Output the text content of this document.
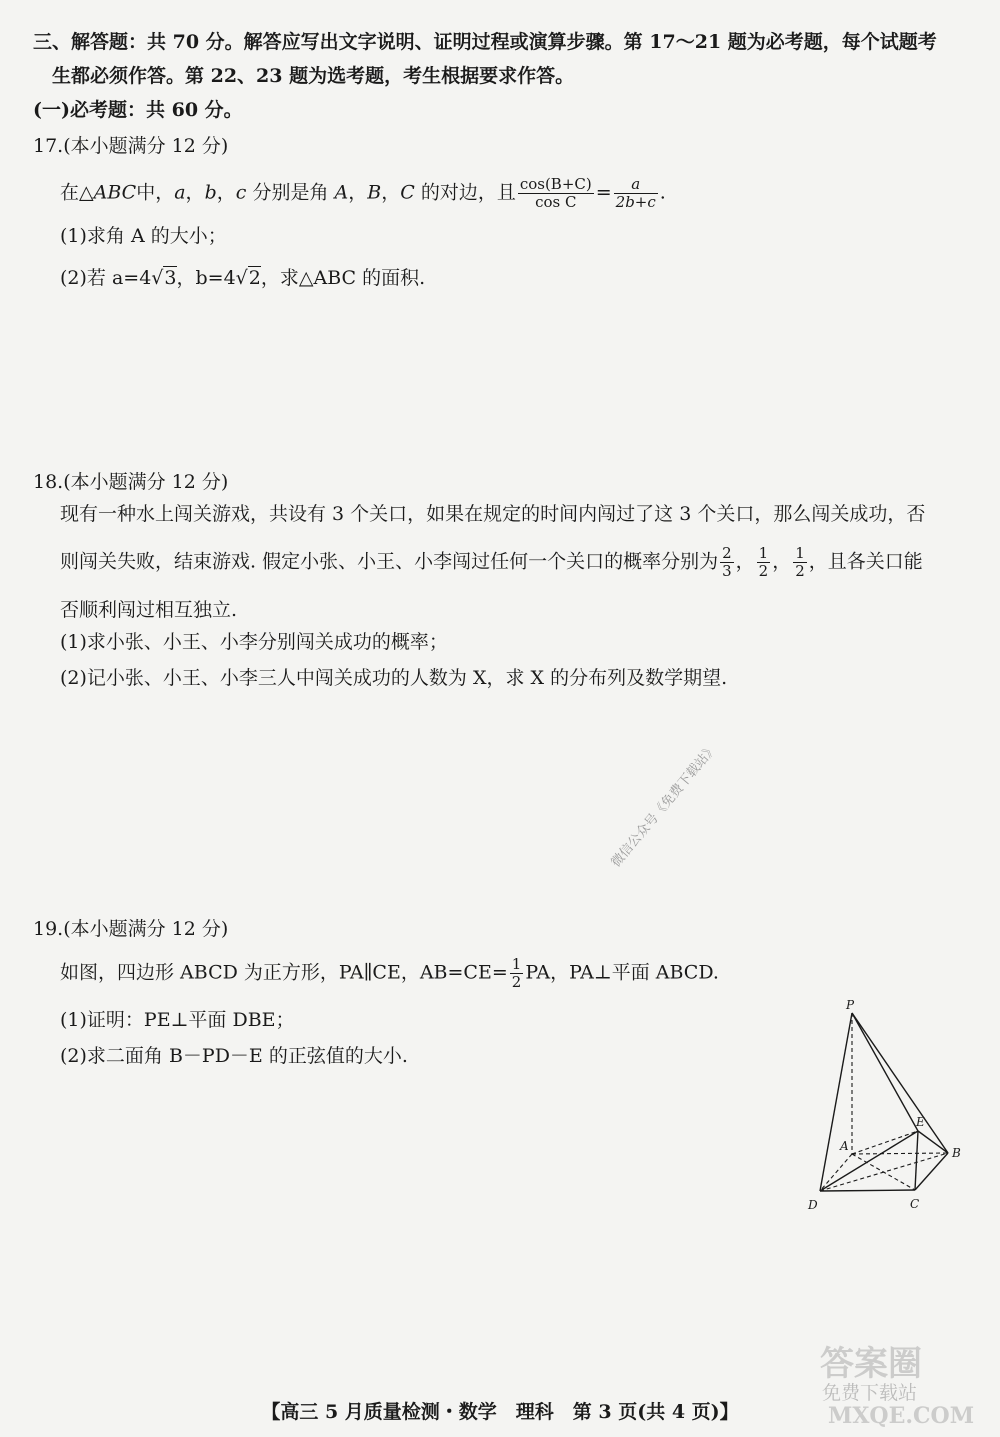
三、解答题：共 70 分。解答应写出文字说明、证明过程或演算步骤。第 17～21 题为必考题，每个试题考
生都必须作答。第 22、23 题为选考题，考生根据要求作答。
(一)必考题：共 60 分。
17.(本小题满分 12 分)
在△ABC中，a，b，c 分别是角 A，B，C 的对边，且 $\frac{\cos(B+C)}{\text{cos C}} = \frac{a}{2b+c}$ .
(1)求角 A 的大小；
(2)若 a=4√3，b=4√2，求△ABC 的面积.
18.(本小题满分 12 分)
现有一种水上闯关游戏，共设有 3 个关口，如果在规定的时间内闯过了这 3 个关口，那么闯关成功，否
则闯关失败，结束游戏. 假定小张、小王、小李闯过任何一个关口的概率分别为 $\frac{2}{3}$ ， $\frac{1}{2}$ ， $\frac{1}{2}$ ，且各关口能
否顺利闯过相互独立.
(1)求小张、小王、小李分别闯关成功的概率；
(2)记小张、小王、小李三人中闯关成功的人数为 X，求 X 的分布列及数学期望.
微信公众号《免费下载站》
19.(本小题满分 12 分)
如图，四边形 ABCD 为正方形，PA∥CE，$AB=CE= \frac{1}{2}$ PA，PA⊥平面 ABCD.
(1)证明：PE⊥平面 DBE；
(2)求二面角 B－PD－E 的正弦值的大小.
P
A
E
B
D	C
【高三 5 月质量检测・数学　理科　第 3 页(共 4 页)】
答案圈
免费下载站
MXQE.COM
